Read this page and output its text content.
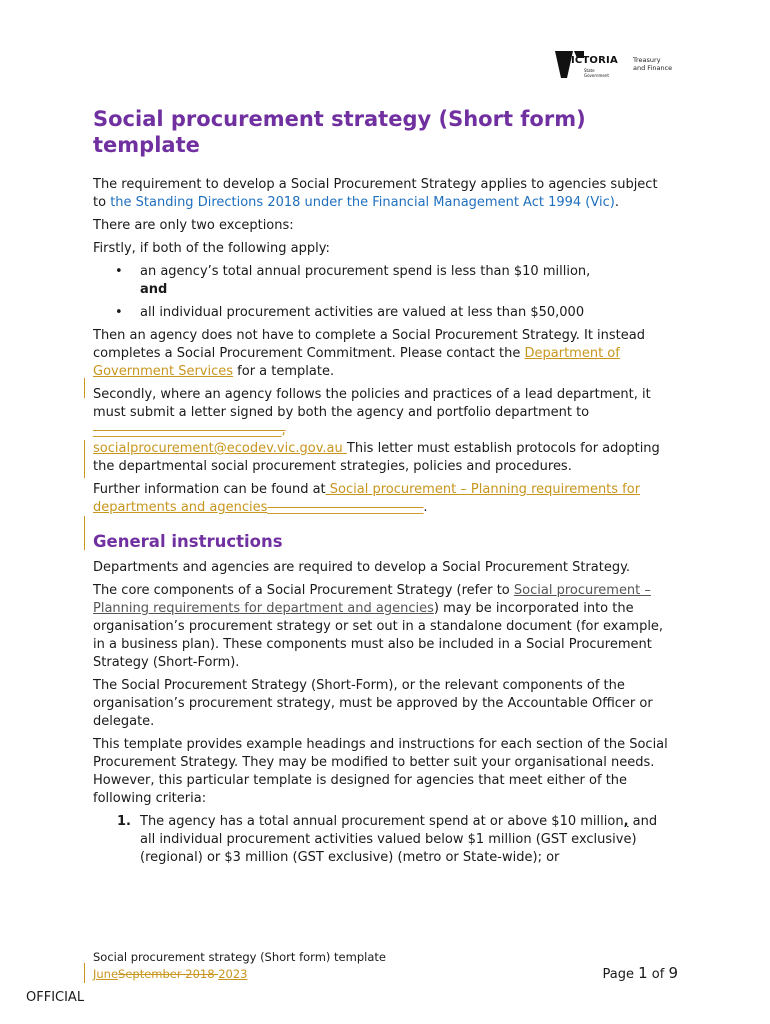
VICTORIA
State
Government
Treasury
and Finance
Social procurement strategy (Short form) template

The requirement to develop a Social Procurement Strategy applies to agencies subject to the Standing Directions 2018 under the Financial Management Act 1994 (Vic).

There are only two exceptions:

Firstly, if both of the following apply:

• an agency’s total annual procurement spend is less than $10 million,
and
• all individual procurement activities are valued at less than $50,000

Then an agency does not have to complete a Social Procurement Strategy. It instead completes a Social Procurement Commitment. Please contact the Department of Government Services for a template.

Secondly, where an agency follows the policies and practices of a lead department, it must submit a letter signed by both the agency and portfolio department to _____________________________,
socialprocurement@ecodev.vic.gov.au This letter must establish protocols for adopting the departmental social procurement strategies, policies and procedures.

Further information can be found at Social procurement – Planning requirements for departments and agencies________________________.

General instructions

Departments and agencies are required to develop a Social Procurement Strategy.

The core components of a Social Procurement Strategy (refer to Social procurement – Planning requirements for department and agencies) may be incorporated into the organisation’s procurement strategy or set out in a standalone document (for example, in a business plan). These components must also be included in a Social Procurement Strategy (Short-Form).

The Social Procurement Strategy (Short-Form), or the relevant components of the organisation’s procurement strategy, must be approved by the Accountable Officer or delegate.

This template provides example headings and instructions for each section of the Social Procurement Strategy. They may be modified to better suit your organisational needs. However, this particular template is designed for agencies that meet either of the following criteria:

1. The agency has a total annual procurement spend at or above $10 million, and all individual procurement activities valued below $1 million (GST exclusive) (regional) or $3 million (GST exclusive) (metro or State-wide); or
Social procurement strategy (Short form) template
JuneSeptember 2018 2023	Page 1 of 9
OFFICIAL
